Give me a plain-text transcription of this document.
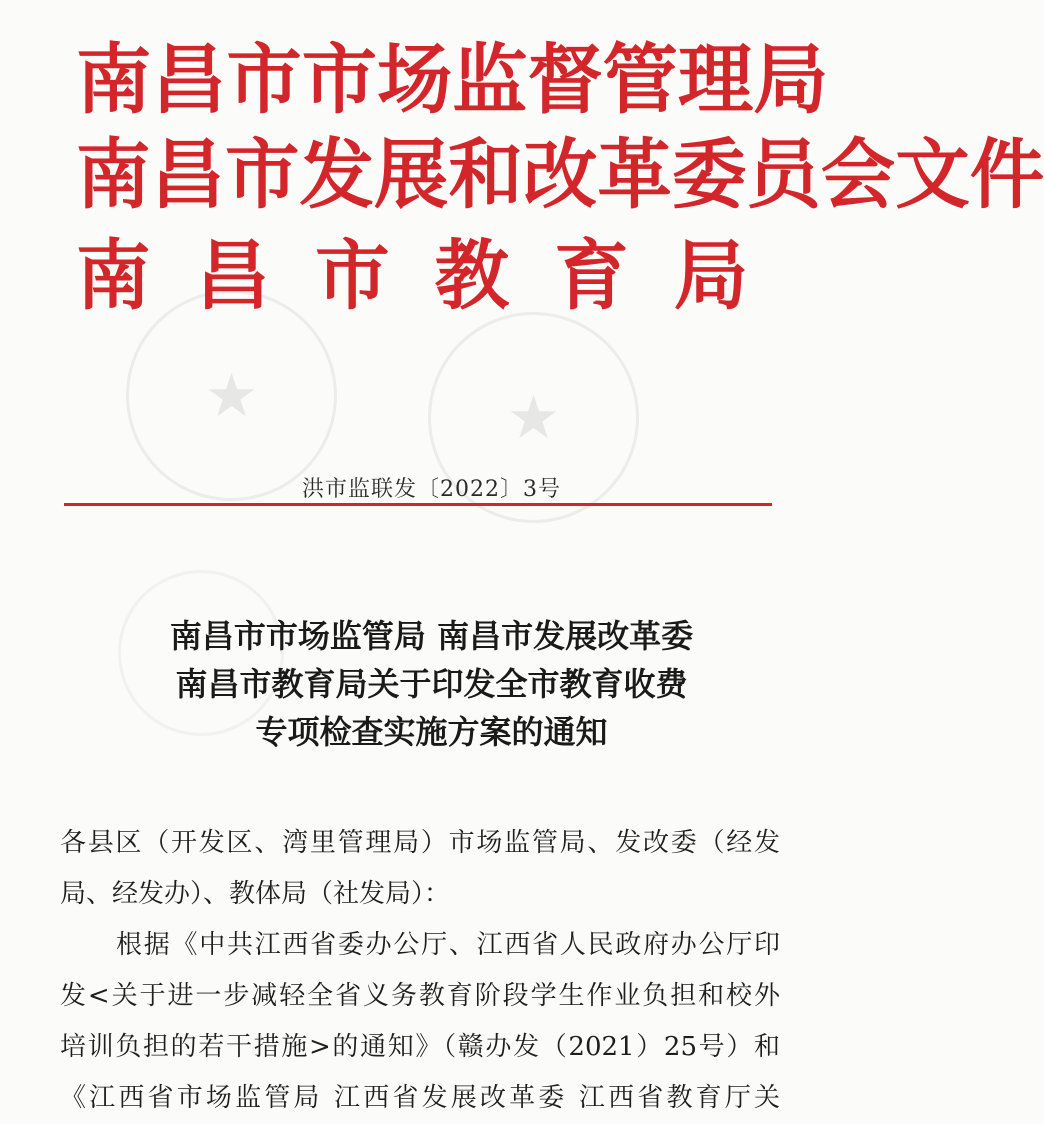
★	★

南昌市市场监督管理局

南昌市发展和改革委员会文件

南昌市教育局

洪市监联发〔2022〕3号

南昌市市场监管局 南昌市发展改革委
南昌市教育局关于印发全市教育收费
专项检查实施方案的通知
各县区（开发区、湾里管理局）市场监管局、发改委（经发
局、经发办）、教体局（社发局）：
根据《中共江西省委办公厅、江西省人民政府办公厅印
发<关于进一步减轻全省义务教育阶段学生作业负担和校外
培训负担的若干措施>的通知》（赣办发（2021）25号）和
《江西省市场监管局 江西省发展改革委 江西省教育厅关
